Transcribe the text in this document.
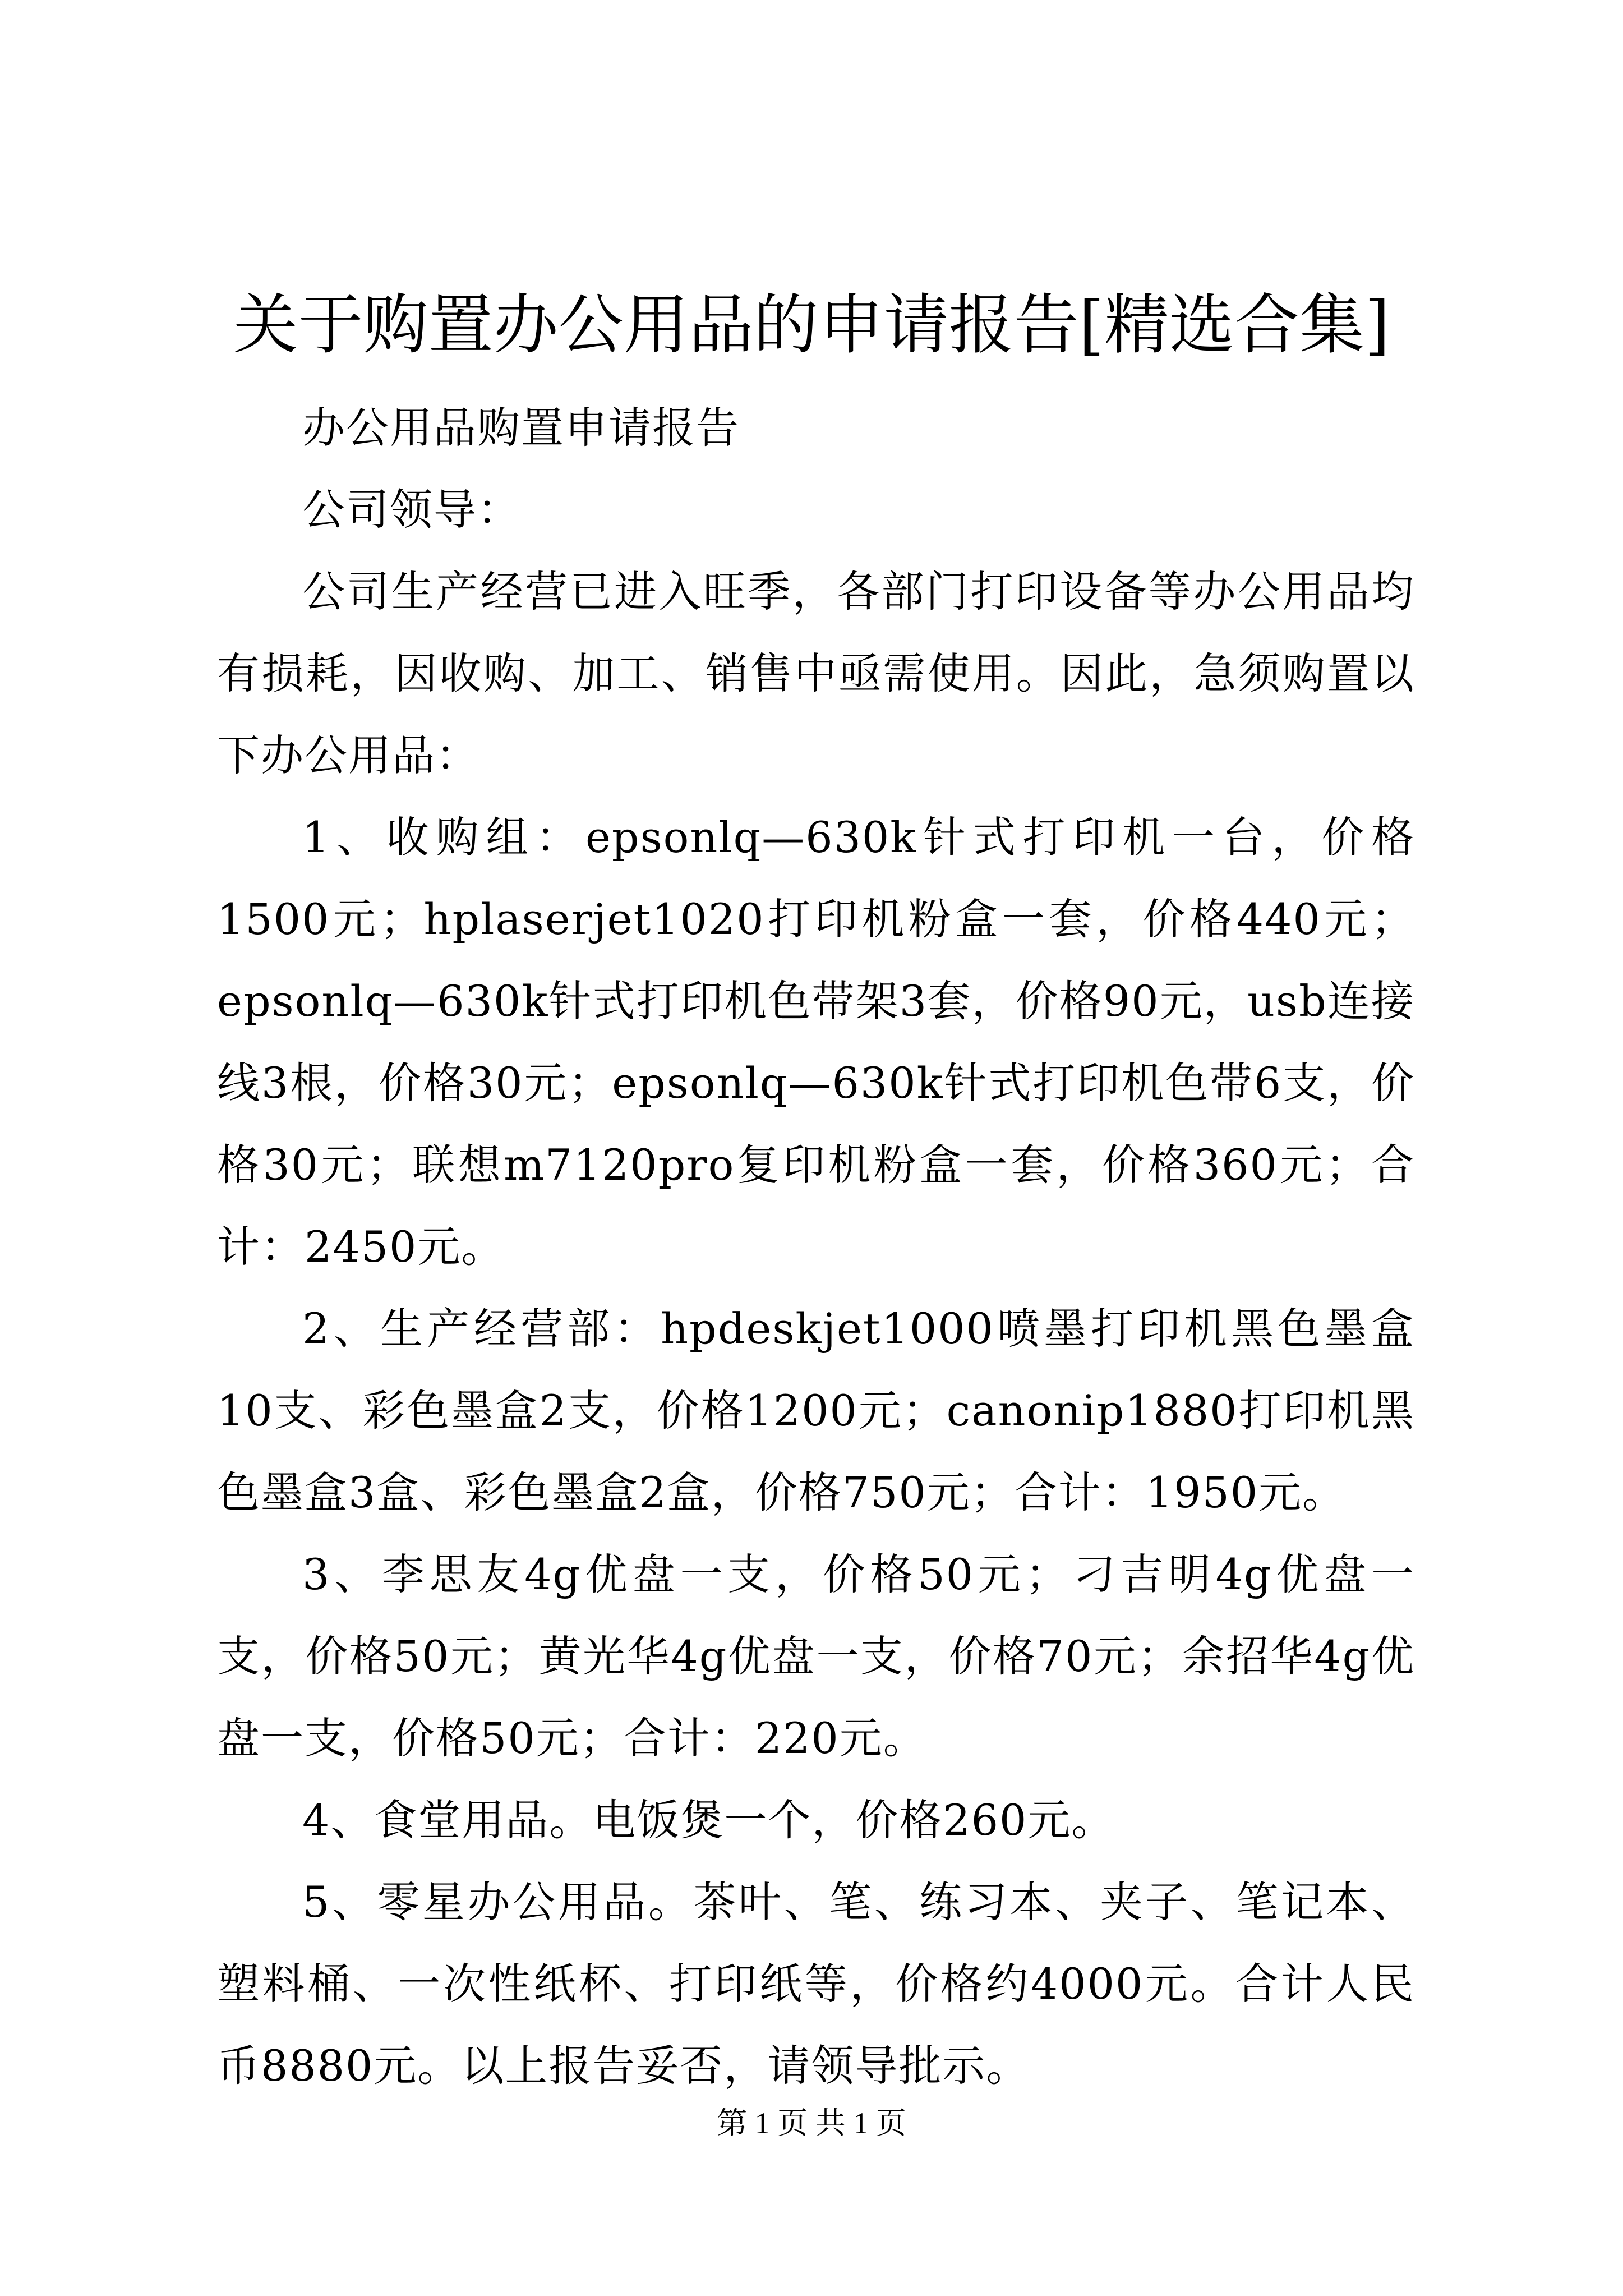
关于购置办公用品的申请报告[精选合集]

办公用品购置申请报告

公司领导：

公司生产经营已进入旺季，各部门打印设备等办公用品均有损耗，因收购、加工、销售中亟需使用。因此，急须购置以下办公用品：

1、收购组：epsonlq—630k针式打印机一台，价格1500元；hplaserjet1020打印机粉盒一套，价格440元；epsonlq—630k针式打印机色带架3套，价格90元，usb连接线3根，价格30元；epsonlq—630k针式打印机色带6支，价格30元；联想m7120pro复印机粉盒一套，价格360元；合计：2450元。

2、生产经营部：hpdeskjet1000喷墨打印机黑色墨盒10支、彩色墨盒2支，价格1200元；canonip1880打印机黑色墨盒3盒、彩色墨盒2盒，价格750元；合计：1950元。

3、李思友4g优盘一支，价格50元；刁吉明4g优盘一支，价格50元；黄光华4g优盘一支，价格70元；余招华4g优盘一支，价格50元；合计：220元。

4、食堂用品。电饭煲一个，价格260元。

5、零星办公用品。茶叶、笔、练习本、夹子、笔记本、塑料桶、一次性纸杯、打印纸等，价格约4000元。合计人民币8880元。以上报告妥否，请领导批示。

第 1 页 共 1 页
